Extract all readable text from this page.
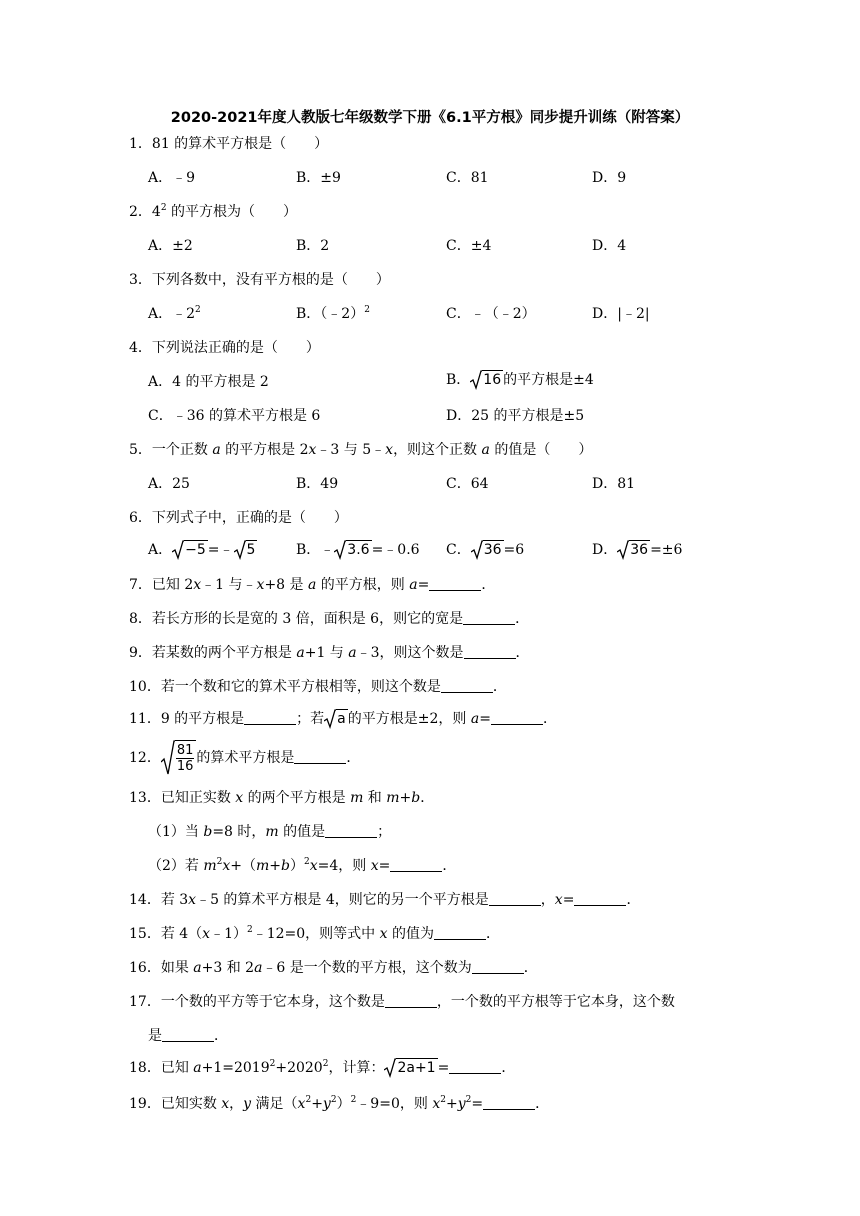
2020-2021年度人教版七年级数学下册《6.1平方根》同步提升训练（附答案）
1．81 的算术平方根是（　　）
A．﹣9	B．±9	C．81	D．9
2．$4^2$ 的平方根为（　　）
A．±2	B．2	C．±4	D．4
3．下列各数中，没有平方根的是（　　）
A．$﹣2^2$	B．（﹣2）$^2$	C．﹣（﹣2）	D．|﹣2|
4．下列说法正确的是（　　）
A．4 的平方根是 2	B． 16 的平方根是±4
C．﹣36 的算术平方根是 6	D．25 的平方根是±5
5．一个正数 a 的平方根是 2x﹣3 与 5﹣x，则这个正数 a 的值是（　　）
A．25	B．49	C．64	D．81
6．下列式子中，正确的是（　　）
A． −5 =﹣ 5	B．﹣ 3.6 =﹣0.6 C． 36 =6	D． 36 =±6
7．已知 2x﹣1 与﹣x+8 是 a 的平方根，则 a=	．
8．若长方形的长是宽的 3 倍，面积是 6，则它的宽是	．
9．若某数的两个平方根是 a+1 与 a﹣3，则这个数是	．
10．若一个数和它的算术平方根相等，则这个数是	．
11．9 的平方根是	；若 a 的平方根是±2，则 a=	．
12． $\frac{81}{16}$ 的算术平方根是	．
13．已知正实数 x 的两个平方根是 m 和 m+b．
（1）当 b=8 时，m 的值是	；
（2）若 $m^2x+(m+b)^2x=4$，则 x=	．
14．若 3x﹣5 的算术平方根是 4，则它的另一个平方根是	，x=	．
15．若 4（x﹣1）$^2$﹣12=0，则等式中 x 的值为	．
16．如果 a+3 和 2a﹣6 是一个数的平方根，这个数为	．
17．一个数的平方等于它本身，这个数是	，一个数的平方根等于它本身，这个数
是	．
18．已知 $a+1=2019^2+2020^2$，计算： 2a+1 =	．
19．已知实数 x，y 满足$(x^2+y^2)^2﹣9=0$，则 $x^2+y^2=$	．
